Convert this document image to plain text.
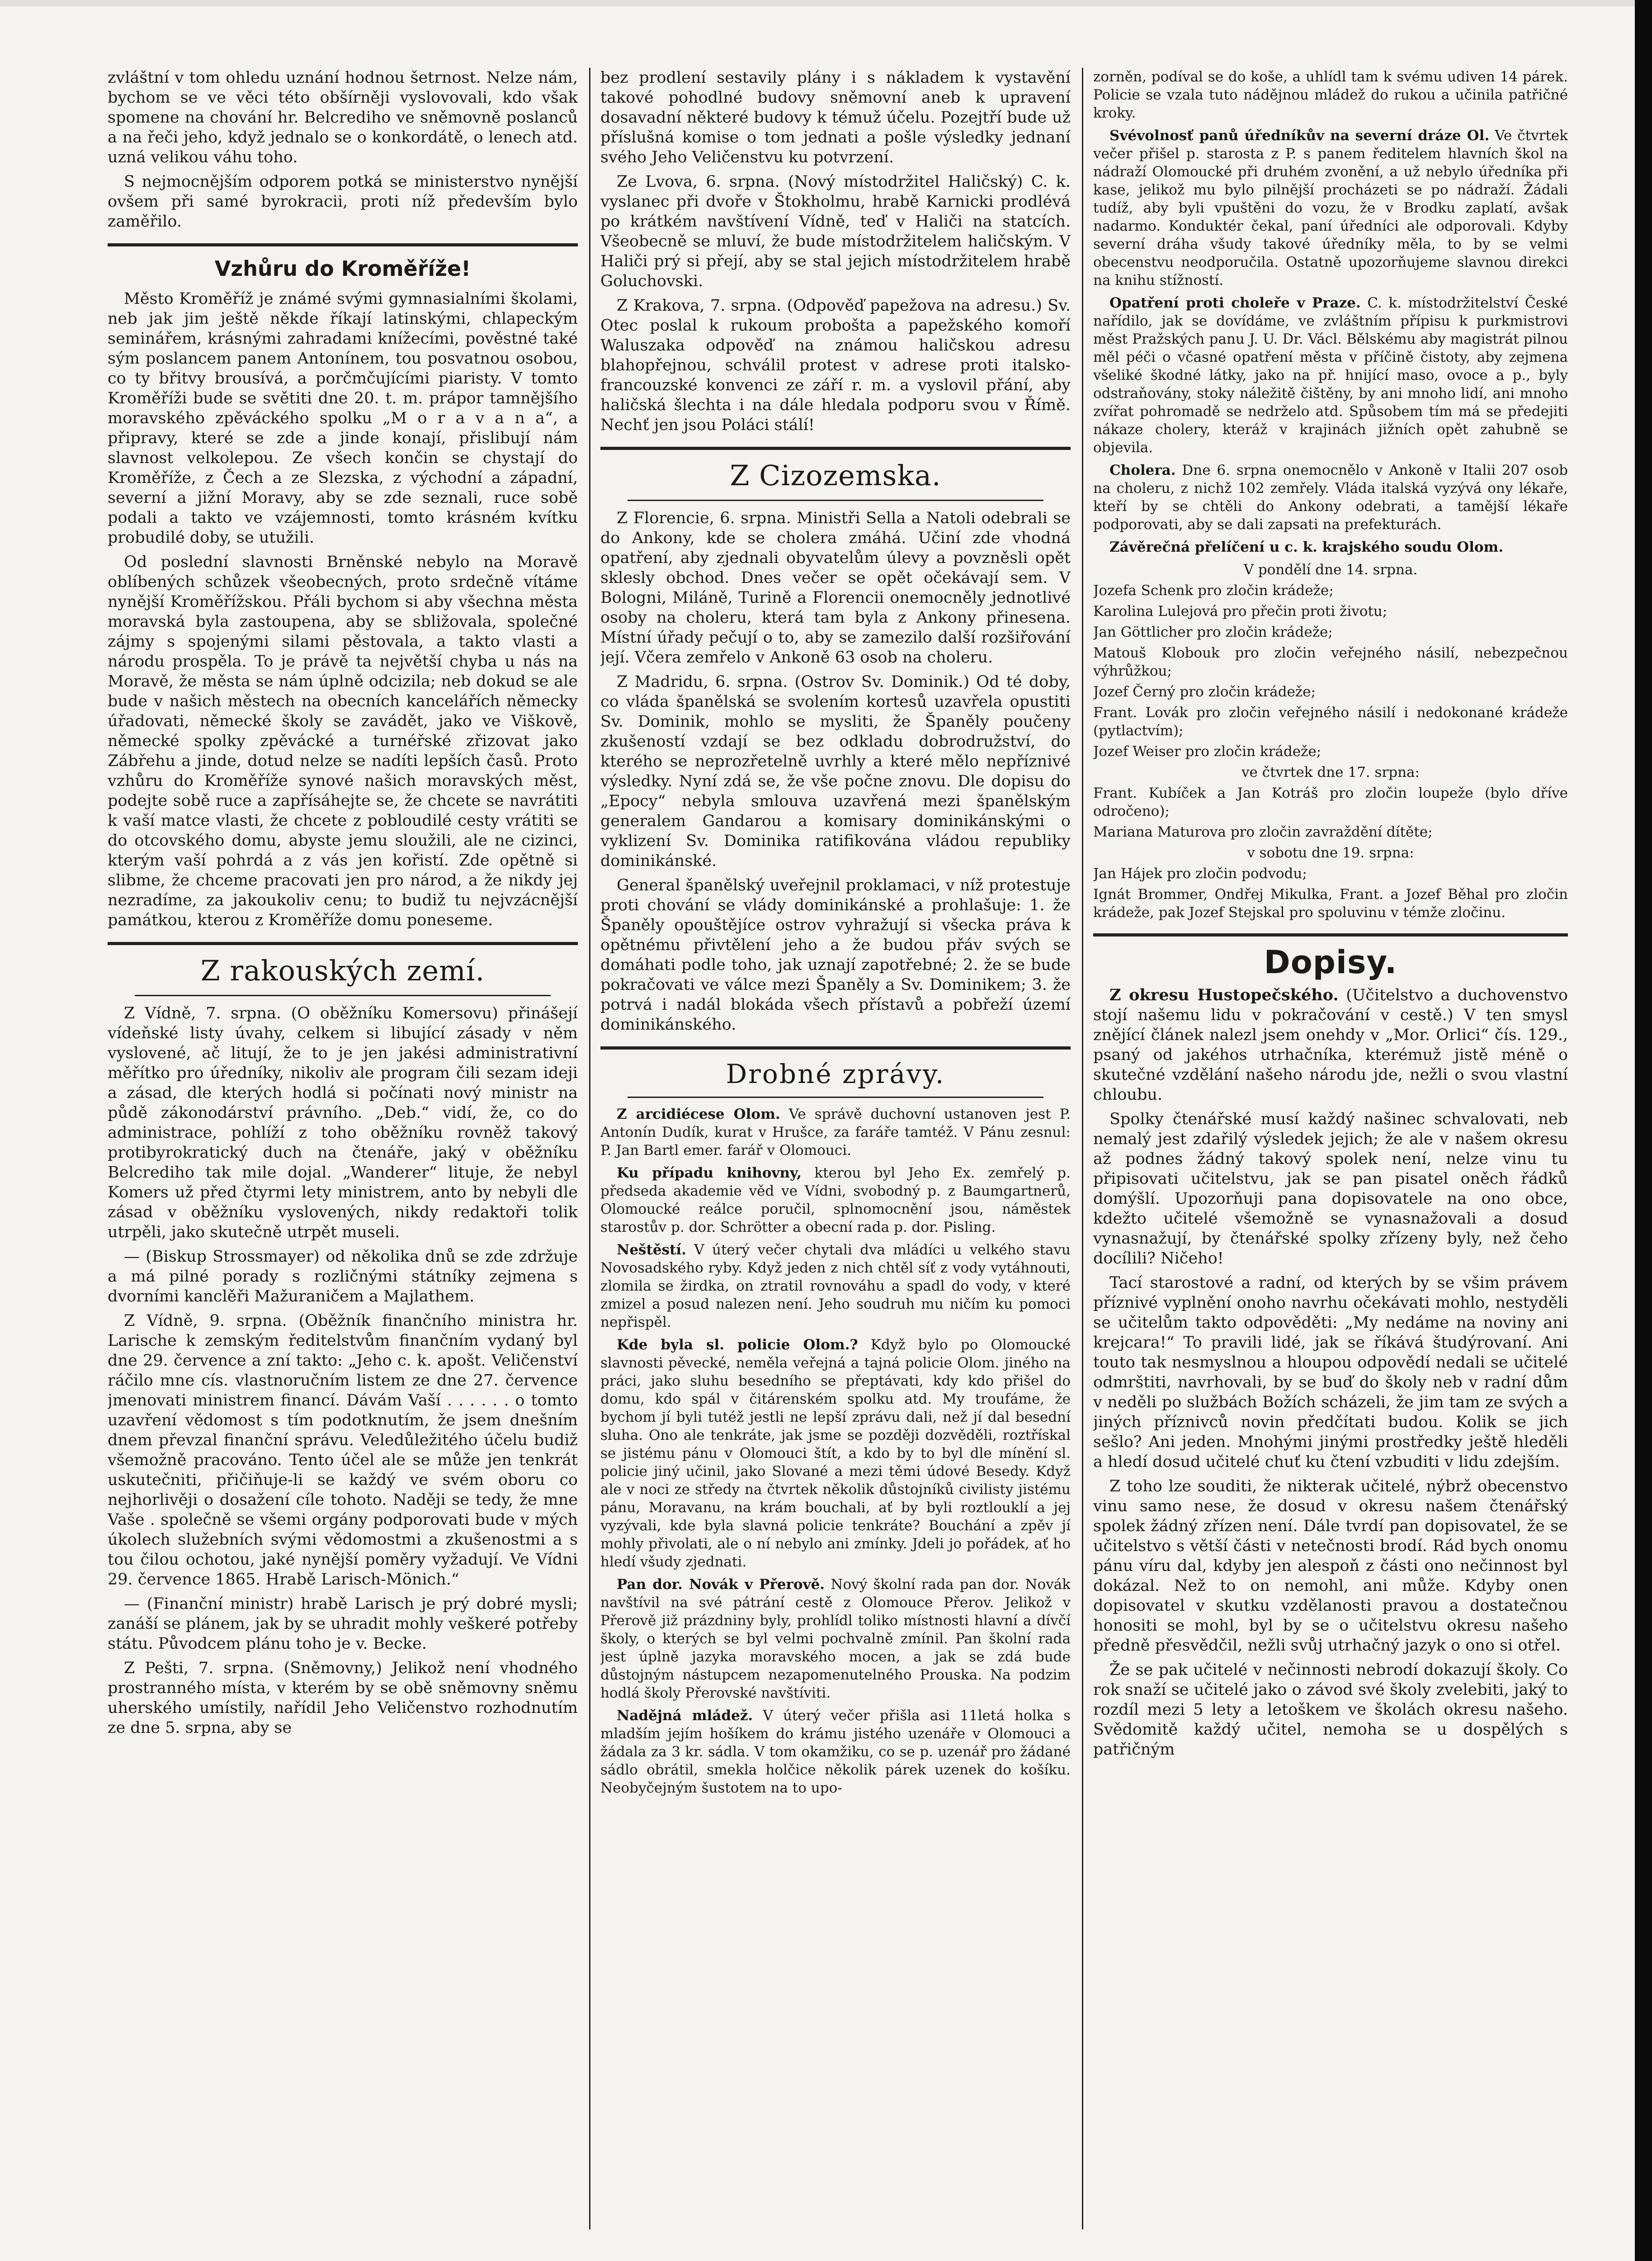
zvláštní v tom ohledu uznání hodnou šetrnost. Nelze nám, bychom se ve věci této obšírněji vyslovovali, kdo však spomene na chování hr. Belcrediho ve sněmovně poslanců a na řeči jeho, když jednalo se o konkordátě, o lenech atd. uzná velikou váhu toho.

S nejmocnějším odporem potká se ministerstvo nynější ovšem při samé byrokracii, proti níž především bylo zaměřilo.

Vzhůru do Kroměříže!

Město Kroměříž je známé svými gymnasialními školami, neb jak jim ještě někde říkají latinskými, chlapeckým seminářem, krásnými zahradami knížecími, pověstné také sým poslancem panem Antonínem, tou posvatnou osobou, co ty břitvy brousívá, a porčmčujícími piaristy. V tomto Kroměříži bude se světiti dne 20. t. m. prápor tamnějšího moravského zpěváckého spolku „M o r a v a n a“, a připravy, které se zde a jinde konají, přislibují nám slavnost velkolepou. Ze všech končin se chystají do Kroměříže, z Čech a ze Slezska, z východní a západní, severní a jižní Moravy, aby se zde seznali, ruce sobě podali a takto ve vzájemnosti, tomto krásném kvítku probudilé doby, se utužili.

Od poslední slavnosti Brněnské nebylo na Moravě oblíbených schůzek všeobecných, proto srdečně vítáme nynější Kroměřížskou. Přáli bychom si aby všechna města moravská byla zastoupena, aby se sbližovala, společné zájmy s spojenými silami pěstovala, a takto vlasti a národu prospěla. To je právě ta největší chyba u nás na Moravě, že města se nám úplně odcizila; neb dokud se ale bude v našich městech na obecních kancelářích německy úřadovati, německé školy se zavádět, jako ve Viškově, německé spolky zpěvácké a turnéřské zřizovat jako Zábřehu a jinde, dotud nelze se nadíti lepších časů. Proto vzhůru do Kroměříže synové našich moravských měst, podejte sobě ruce a zapřísáhejte se, že chcete se navrátiti k vaší matce vlasti, že chcete z pobloudilé cesty vrátiti se do otcovského domu, abyste jemu sloužili, ale ne cizinci, kterým vaší pohrdá a z vás jen kořistí. Zde opětně si slibme, že chceme pracovati jen pro národ, a že nikdy jej nezradíme, za jakoukoliv cenu; to budiž tu nejvzácnější památkou, kterou z Kroměříže domu poneseme.

Z rakouských zemí.

Z Vídně, 7. srpna. (O oběžníku Komersovu) přinášejí vídeňské listy úvahy, celkem si libující zásady v něm vyslovené, ač litují, že to je jen jakési administrativní měřítko pro úředníky, nikoliv ale program čili sezam ideji a zásad, dle kterých hodlá si počínati nový ministr na půdě zákonodárství právního. „Deb.“ vidí, že, co do administrace, pohlíží z toho oběžníku rovněž takový protibyrokratický duch na čtenáře, jaký v oběžníku Belcrediho tak mile dojal. „Wanderer“ lituje, že nebyl Komers už před čtyrmi lety ministrem, anto by nebyli dle zásad v oběžníku vyslovených, nikdy redaktoři tolik utrpěli, jako skutečně utrpět museli.

— (Biskup Strossmayer) od několika dnů se zde zdržuje a má pilné porady s rozličnými státníky zejmena s dvorními kanclěři Mažuraničem a Majlathem.

Z Vídně, 9. srpna. (Oběžník finančního ministra hr. Larische k zemským ředitelstvům finančním vydaný byl dne 29. července a zní takto: „Jeho c. k. apošt. Veličenství ráčilo mne cís. vlastnoručním listem ze dne 27. července jmenovati ministrem financí. Dávám Vaší . . . . . . o tomto uzavření vědomost s tím podotknutím, že jsem dnešním dnem převzal finanční správu. Veledůležitého účelu budiž všemožně pracováno. Tento účel ale se může jen tenkrát uskutečniti, přičiňuje-li se každý ve svém oboru co nejhorlivěji o dosažení cíle tohoto. Naději se tedy, že mne Vaše . společně se všemi orgány podporovati bude v mých úkolech služebních svými vědomostmi a zkušenostmi a s tou čilou ochotou, jaké nynější poměry vyžadují. Ve Vídni 29. července 1865. Hrabě Larisch-Mönich.“

— (Finanční ministr) hrabě Larisch je prý dobré mysli; zanáší se plánem, jak by se uhradit mohly veškeré potřeby státu. Původcem plánu toho je v. Becke.

Z Pešti, 7. srpna. (Sněmovny,) Jelikož není vhodného prostranného místa, v kterém by se obě sněmovny sněmu uherského umístily, nařídil Jeho Veličenstvo rozhodnutím ze dne 5. srpna, aby se

bez prodlení sestavily plány i s nákladem k vystavění takové pohodlné budovy sněmovní aneb k upravení dosavadní některé budovy k témuž účelu. Pozejtří bude už příslušná komise o tom jednati a pošle výsledky jednaní svého Jeho Veličenstvu ku potvrzení.

Ze Lvova, 6. srpna. (Nový místodržitel Haličský) C. k. vyslanec při dvoře v Štokholmu, hrabě Karnicki prodlévá po krátkém navštívení Vídně, teď v Haliči na statcích. Všeobecně se mluví, že bude místodržitelem haličským. V Haliči prý si přejí, aby se stal jejich místodržitelem hrabě Goluchovski.

Z Krakova, 7. srpna. (Odpověď papežova na adresu.) Sv. Otec poslal k rukoum probošta a papežského komoří Waluszaka odpověď na známou haličskou adresu blahopřejnou, schválil protest v adrese proti italsko-francouzské konvenci ze září r. m. a vyslovil přání, aby haličská šlechta i na dále hledala podporu svou v Římě. Nechť jen jsou Poláci stálí!

Z Cizozemska.

Z Florencie, 6. srpna. Ministři Sella a Natoli odebrali se do Ankony, kde se cholera zmáhá. Učiní zde vhodná opatření, aby zjednali obyvatelům úlevy a povzněsli opět sklesly obchod. Dnes večer se opět očekávají sem. V Bologni, Miláně, Turině a Florencii onemocněly jednotlivé osoby na choleru, která tam byla z Ankony přinesena. Místní úřady pečují o to, aby se zamezilo další rozšiřování její. Včera zemřelo v Ankoně 63 osob na choleru.

Z Madridu, 6. srpna. (Ostrov Sv. Dominik.) Od té doby, co vláda španělská se svolením kortesů uzavřela opustiti Sv. Dominik, mohlo se mysliti, že Španěly poučeny zkušeností vzdají se bez odkladu dobrodružství, do kterého se neprozřetelně uvrhly a které mělo nepříznivé výsledky. Nyní zdá se, že vše počne znovu. Dle dopisu do „Epocy“ nebyla smlouva uzavřená mezi španělským generalem Gandarou a komisary dominikánskými o vyklizení Sv. Dominika ratifikována vládou republiky dominikánské.

General španělský uveřejnil proklamaci, v níž protestuje proti chování se vlády dominikánské a prohlašuje: 1. že Španěly opouštějíce ostrov vyhražují si všecka práva k opětnému přivtělení jeho a že budou přáv svých se domáhati podle toho, jak uznají zapotřebné; 2. že se bude pokračovati ve válce mezi Španěly a Sv. Dominikem; 3. že potrvá i nadál blokáda všech přístavů a pobřeží území dominikánského.

Drobné zprávy.

Z arcidiécese Olom. Ve správě duchovní ustanoven jest P. Antonín Dudík, kurat v Hrušce, za faráře tamtéž. V Pánu zesnul: P. Jan Bartl emer. farář v Olomouci.

Ku případu knihovny, kterou byl Jeho Ex. zemřelý p. předseda akademie věd ve Vídni, svobodný p. z Baumgartnerů, Olomoucké reálce poručil, splnomocnění jsou, náměstek starostův p. dor. Schrötter a obecní rada p. dor. Pisling.

Neštěstí. V úterý večer chytali dva mládíci u velkého stavu Novosadského ryby. Když jeden z nich chtěl síť z vody vytáhnouti, zlomila se žirdka, on ztratil rovnováhu a spadl do vody, v které zmizel a posud nalezen není. Jeho soudruh mu ničím ku pomoci nepřispěl.

Kde byla sl. policie Olom.? Když bylo po Olomoucké slavnosti pěvecké, neměla veřejná a tajná policie Olom. jiného na práci, jako sluhu besedního se přeptávati, kdy kdo přišel do domu, kdo spál v čitárenském spolku atd. My troufáme, že bychom jí byli tutéž jestli ne lepší zprávu dali, než jí dal besední sluha. Ono ale tenkráte, jak jsme se později dozvěděli, roztřískal se jistému pánu v Olomouci štít, a kdo by to byl dle mínění sl. policie jiný učinil, jako Slované a mezi těmi údové Besedy. Když ale v noci ze středy na čtvrtek několik důstojníků civilisty jistému pánu, Moravanu, na krám bouchali, ať by byli roztlouklí a jej vyzývali, kde byla slavná policie tenkráte? Bouchání a zpěv jí mohly přivolati, ale o ní nebylo ani zmínky. Jdeli jo pořádek, ať ho hledí všudy zjednati.

Pan dor. Novák v Přerově. Nový školní rada pan dor. Novák navštívil na své pátrání cestě z Olomouce Přerov. Jelikož v Přerově již prázdniny byly, prohlídl toliko místnosti hlavní a dívčí školy, o kterých se byl velmi pochvalně zmínil. Pan školní rada jest úplně jazyka moravského mocen, a jak se zdá bude důstojným nástupcem nezapomenutelného Prouska. Na podzim hodlá školy Přerovské navštíviti.

Nadějná mládež. V úterý večer přišla asi 11letá holka s mladším jejím hošíkem do krámu jistého uzenáře v Olomouci a žádala za 3 kr. sádla. V tom okamžiku, co se p. uzenář pro žádané sádlo obrátil, smekla holčice několik párek uzenek do košíku. Neobyčejným šustotem na to upo-

zorněn, podíval se do koše, a uhlídl tam k svému udiven 14 párek. Policie se vzala tuto nádějnou mládež do rukou a učinila patřičné kroky.

Svévolnosť panů úředníkův na severní dráze Ol. Ve čtvrtek večer přišel p. starosta z P. s panem ředitelem hlavních škol na nádraží Olomoucké při druhém zvonění, a už nebylo úředníka při kase, jelikož mu bylo pilnější procházeti se po nádraží. Žádali tudíž, aby byli vpuštěni do vozu, že v Brodku zaplatí, avšak nadarmo. Konduktér čekal, paní úředníci ale odporovali. Kdyby severní dráha všudy takové úředníky měla, to by se velmi obecenstvu neodporučila. Ostatně upozorňujeme slavnou direkci na knihu stížností.

Opatření proti choleře v Praze. C. k. místodržitelství České nařídilo, jak se dovídáme, ve zvláštním přípisu k purkmistrovi měst Pražských panu J. U. Dr. Václ. Bělskému aby magistrát pilnou měl péči o včasné opatření města v příčině čistoty, aby zejmena všeliké škodné látky, jako na př. hnijící maso, ovoce a p., byly odstraňovány, stoky náležitě čištěny, by ani mnoho lidí, ani mnoho zvířat pohromadě se nedrželo atd. Spůsobem tím má se předejiti nákaze cholery, kteráž v krajinách jižních opět zahubně se objevila.

Cholera. Dne 6. srpna onemocnělo v Ankoně v Italii 207 osob na choleru, z nichž 102 zemřely. Vláda italská vyzývá ony lékaře, kteří by se chtěli do Ankony odebrati, a tamější lékaře podporovati, aby se dali zapsati na prefekturách.

Závěrečná přelíčení u c. k. krajského soudu Olom.

V pondělí dne 14. srpna.

Jozefa Schenk pro zločin krádeže;

Karolina Lulejová pro přečin proti životu;

Jan Göttlicher pro zločin krádeže;

Matouš Klobouk pro zločin veřejného násilí, nebezpečnou výhrůžkou;

Jozef Černý pro zločin krádeže;

Frant. Lovák pro zločin veřejného násilí i nedokonané krádeže (pytlactvím);

Jozef Weiser pro zločin krádeže;

ve čtvrtek dne 17. srpna:

Frant. Kubíček a Jan Kotráš pro zločin loupeže (bylo dříve odročeno);

Mariana Maturova pro zločin zavraždění dítěte;

v sobotu dne 19. srpna:

Jan Hájek pro zločin podvodu;

Ignát Brommer, Ondřej Mikulka, Frant. a Jozef Běhal pro zločin krádeže, pak Jozef Stejskal pro spoluvinu v témže zločinu.

Dopisy.

Z okresu Hustopečského. (Učitelstvo a duchovenstvo stojí našemu lidu v pokračování v cestě.) V ten smysl znějící článek nalezl jsem onehdy v „Mor. Orlici“ čís. 129., psaný od jakéhos utrhačníka, kterémuž jistě méně o skutečné vzdělání našeho národu jde, nežli o svou vlastní chloubu.

Spolky čtenářské musí každý našinec schvalovati, neb nemalý jest zdařilý výsledek jejich; že ale v našem okresu až podnes žádný takový spolek není, nelze vinu tu připisovati učitelstvu, jak se pan pisatel oněch řádků domýšlí. Upozorňuji pana dopisovatele na ono obce, kdežto učitelé všemožně se vynasnažovali a dosud vynasnažují, by čtenářské spolky zřízeny byly, než čeho docílili? Ničeho!

Tací starostové a radní, od kterých by se všim právem příznivé vyplnění onoho navrhu očekávati mohlo, nestyděli se učitelům takto odpověděti: „My nedáme na noviny ani krejcara!“ To pravili lidé, jak se říkává študýrovaní. Ani touto tak nesmyslnou a hloupou odpovědí nedali se učitelé odmrštiti, navrhovali, by se buď do školy neb v radní dům v neděli po službách Božích scházeli, že jim tam ze svých a jiných příznivců novin předčítati budou. Kolik se jich sešlo? Ani jeden. Mnohými jinými prostředky ještě hleděli a hledí dosud učitelé chuť ku čtení vzbuditi v lidu zdejším.

Z toho lze souditi, že nikterak učitelé, nýbrž obecenstvo vinu samo nese, že dosud v okresu našem čtenářský spolek žádný zřízen není. Dále tvrdí pan dopisovatel, že se učitelstvo s větší části v netečnosti brodí. Rád bych onomu pánu víru dal, kdyby jen alespoň z části ono nečinnost byl dokázal. Než to on nemohl, ani může. Kdyby onen dopisovatel v skutku vzdělanosti pravou a dostatečnou honositi se mohl, byl by se o učitelstvu okresu našeho předně přesvědčil, nežli svůj utrhačný jazyk o ono si otřel.

Že se pak učitelé v nečinnosti nebrodí dokazují školy. Co rok snaží se učitelé jako o závod své školy zvelebiti, jaký to rozdíl mezi 5 lety a letoškem ve školách okresu našeho. Svědomitě každý učitel, nemoha se u dospělých s patřičným
